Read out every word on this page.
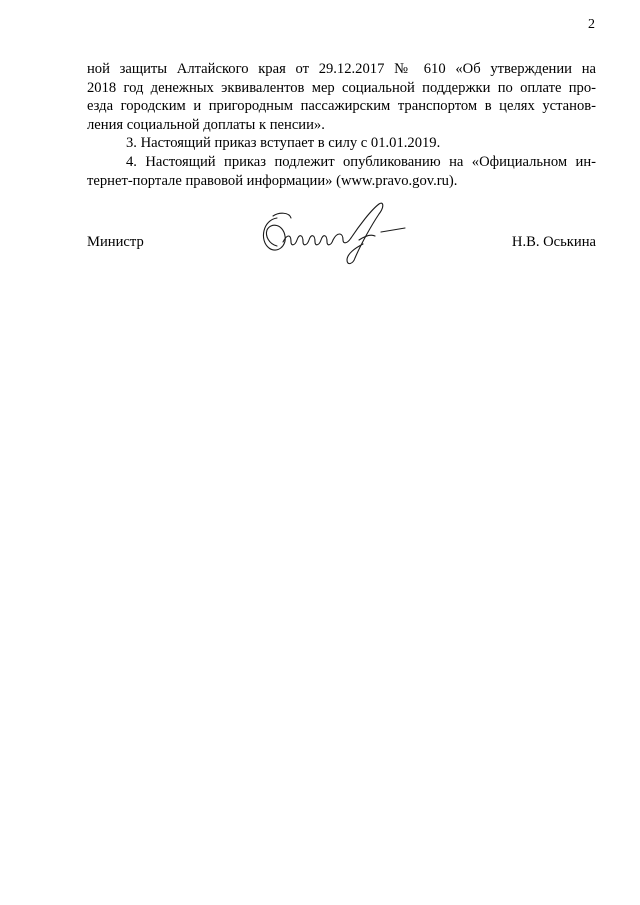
2
ной защиты Алтайского края от 29.12.2017 № 610 «Об утверждении на
2018 год денежных эквивалентов мер социальной поддержки по оплате про-
езда городским и пригородным пассажирским транспортом в целях установ-
ления социальной доплаты к пенсии».
3. Настоящий приказ вступает в силу с 01.01.2019.
4. Настоящий приказ подлежит опубликованию на «Официальном ин-
тернет-портале правовой информации» (www.pravo.gov.ru).
Министр	Н.В. Оськина
